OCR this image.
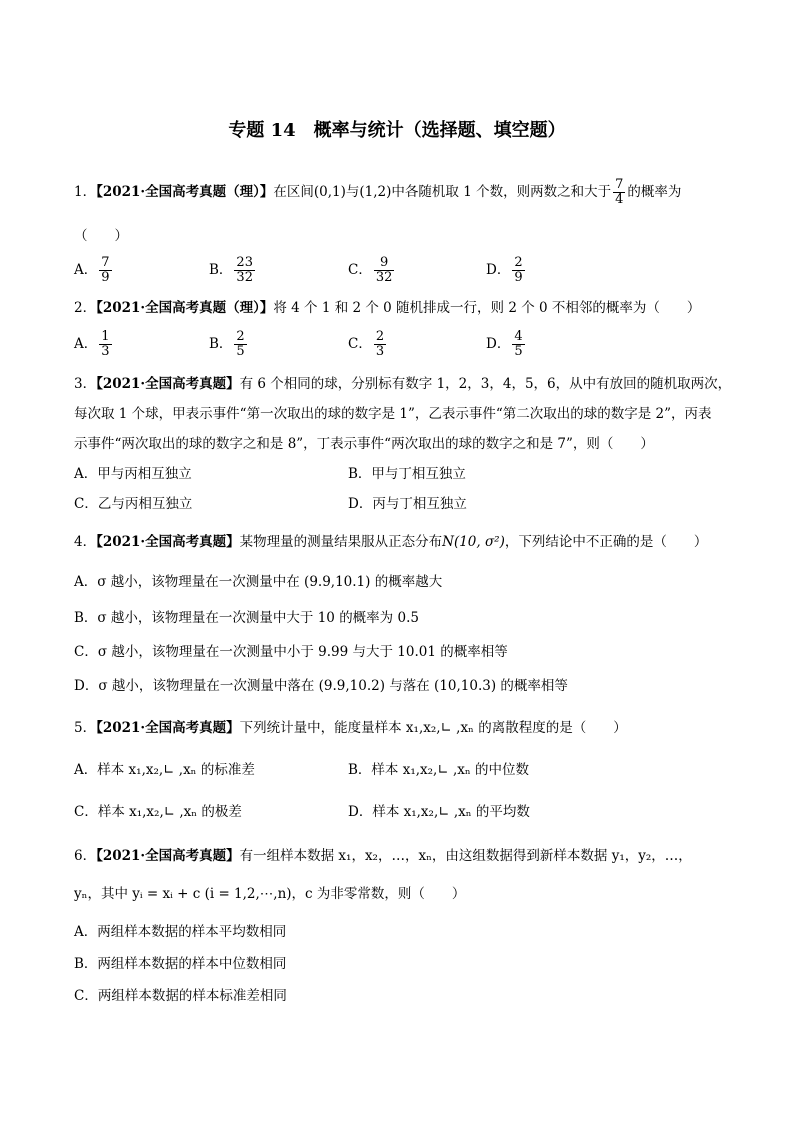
专题 14　概率与统计（选择题、填空题）
1．【2021·全国高考真题（理）】在区间(0,1)与(1,2)中各随机取 1 个数，则两数之和大于 $\frac{7}{4}$ 的概率为
（　　）
A． $\frac{7}{9}$	B． $\frac{23}{32}$	C． $\frac{9}{32}$	D． $\frac{2}{9}$
2．【2021·全国高考真题（理）】将 4 个 1 和 2 个 0 随机排成一行，则 2 个 0 不相邻的概率为（　　）
A． $\frac{1}{3}$	B． $\frac{2}{5}$	C． $\frac{2}{3}$	D． $\frac{4}{5}$
3．【2021·全国高考真题】有 6 个相同的球，分别标有数字 1，2，3，4，5，6，从中有放回的随机取两次，
每次取 1 个球，甲表示事件“第一次取出的球的数字是 1”，乙表示事件“第二次取出的球的数字是 2”，丙表
示事件“两次取出的球的数字之和是 8”，丁表示事件“两次取出的球的数字之和是 7”，则（　　）
A．甲与丙相互独立	B．甲与丁相互独立
C．乙与丙相互独立	D．丙与丁相互独立
4．【2021·全国高考真题】某物理量的测量结果服从正态分布N(10, σ²)，下列结论中不正确的是（　　）
A．σ 越小，该物理量在一次测量中在 (9.9,10.1) 的概率越大
B．σ 越小，该物理量在一次测量中大于 10 的概率为 0.5
C．σ 越小，该物理量在一次测量中小于 9.99 与大于 10.01 的概率相等
D．σ 越小，该物理量在一次测量中落在 (9.9,10.2) 与落在 (10,10.3) 的概率相等
5．【2021·全国高考真题】下列统计量中，能度量样本 x₁,x₂,∟ ,xₙ 的离散程度的是（　　）
A．样本 x₁,x₂,∟ ,xₙ 的标准差	B．样本 x₁,x₂,∟ ,xₙ 的中位数
C．样本 x₁,x₂,∟ ,xₙ 的极差	D．样本 x₁,x₂,∟ ,xₙ 的平均数
6．【2021·全国高考真题】有一组样本数据 x₁，x₂，…，xₙ，由这组数据得到新样本数据 y₁，y₂，…，
yₙ，其中 yᵢ = xᵢ + c (i = 1,2,⋯,n)，c 为非零常数，则（　　）
A．两组样本数据的样本平均数相同
B．两组样本数据的样本中位数相同
C．两组样本数据的样本标准差相同
